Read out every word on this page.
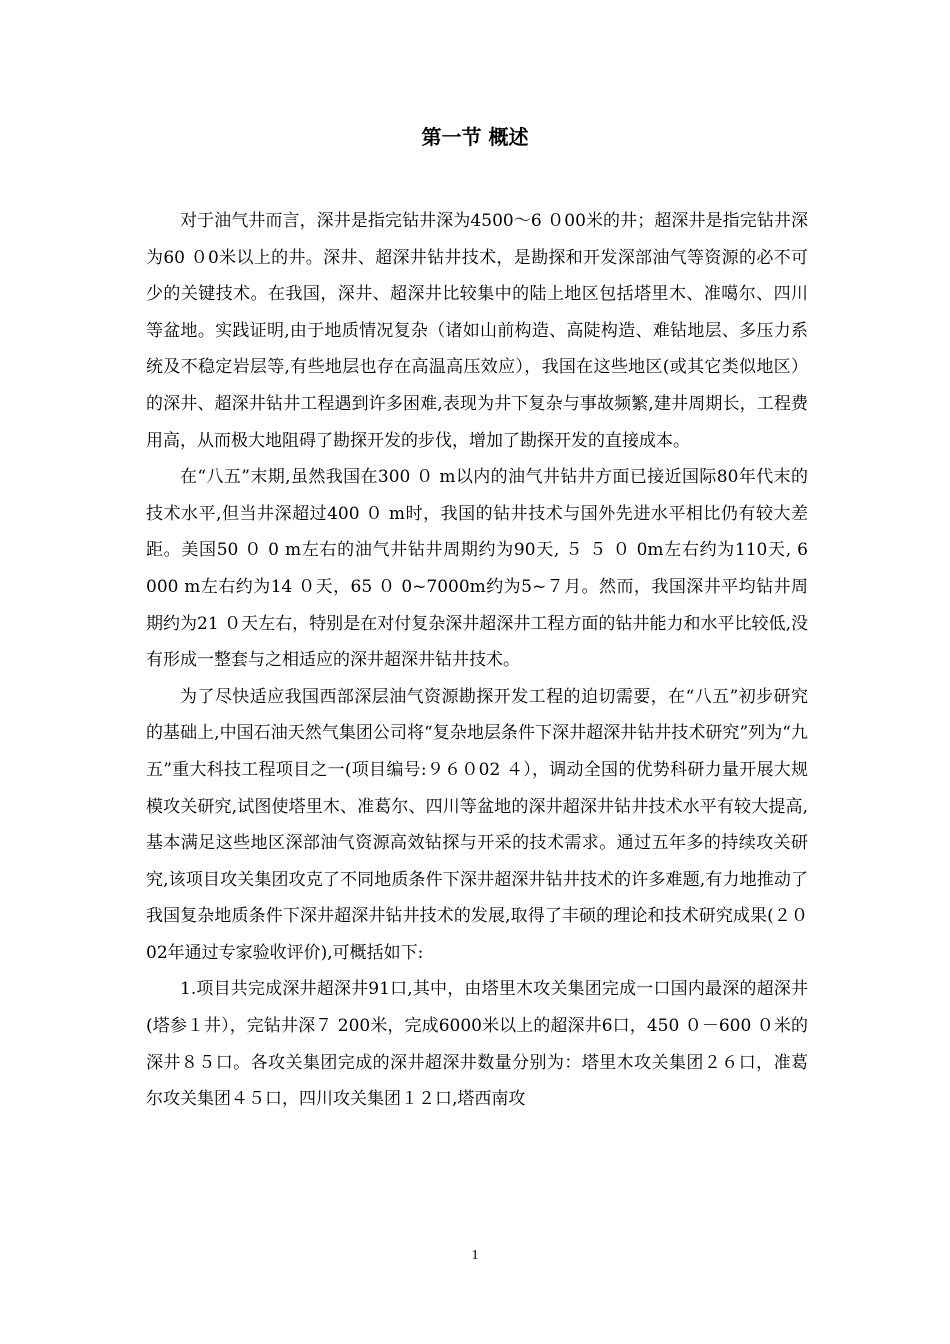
第一节 概述

对于油气井而言，深井是指完钻井深为4500～6 ０00米的井；超深井是指完钻井深为60 ０0米以上的井。深井、超深井钻井技术，是勘探和开发深部油气等资源的必不可少的关键技术。在我国，深井、超深井比较集中的陆上地区包括塔里木、准噶尔、四川等盆地。实践证明,由于地质情况复杂（诸如山前构造、高陡构造、难钻地层、多压力系统及不稳定岩层等,有些地层也存在高温高压效应），我国在这些地区(或其它类似地区）的深井、超深井钻井工程遇到许多困难,表现为井下复杂与事故频繁,建井周期长，工程费用高，从而极大地阻碍了勘探开发的步伐，增加了勘探开发的直接成本。

在“八五”末期,虽然我国在300 ０ m以内的油气井钻井方面已接近国际80年代末的技术水平,但当井深超过400 ０ m时，我国的钻井技术与国外先进水平相比仍有较大差距。美国50 ０ 0 m左右的油气井钻井周期约为90天, ５ ５ ０ 0m左右约为110天, 6 000 m左右约为14 ０天，65 ０ 0~7000m约为5~７月。然而，我国深井平均钻井周期约为21 ０天左右，特别是在对付复杂深井超深井工程方面的钻井能力和水平比较低,没有形成一整套与之相适应的深井超深井钻井技术。

为了尽快适应我国西部深层油气资源勘探开发工程的迫切需要，在“八五”初步研究的基础上,中国石油天然气集团公司将“复杂地层条件下深井超深井钻井技术研究”列为“九五”重大科技工程项目之一(项目编号:９６０02 ４），调动全国的优势科研力量开展大规模攻关研究,试图使塔里木、准葛尔、四川等盆地的深井超深井钻井技术水平有较大提高,基本满足这些地区深部油气资源高效钻探与开采的技术需求。通过五年多的持续攻关研究,该项目攻关集团攻克了不同地质条件下深井超深井钻井技术的许多难题,有力地推动了我国复杂地质条件下深井超深井钻井技术的发展,取得了丰硕的理论和技术研究成果(２０02年通过专家验收评价),可概括如下:

1.项目共完成深井超深井91口,其中，由塔里木攻关集团完成一口国内最深的超深井(塔参１井），完钻井深７ 200米，完成6000米以上的超深井6口，450 ０－600 ０米的深井８５口。各攻关集团完成的深井超深井数量分别为：塔里木攻关集团２６口，准葛尔攻关集团４５口，四川攻关集团１２口,塔西南攻

1
